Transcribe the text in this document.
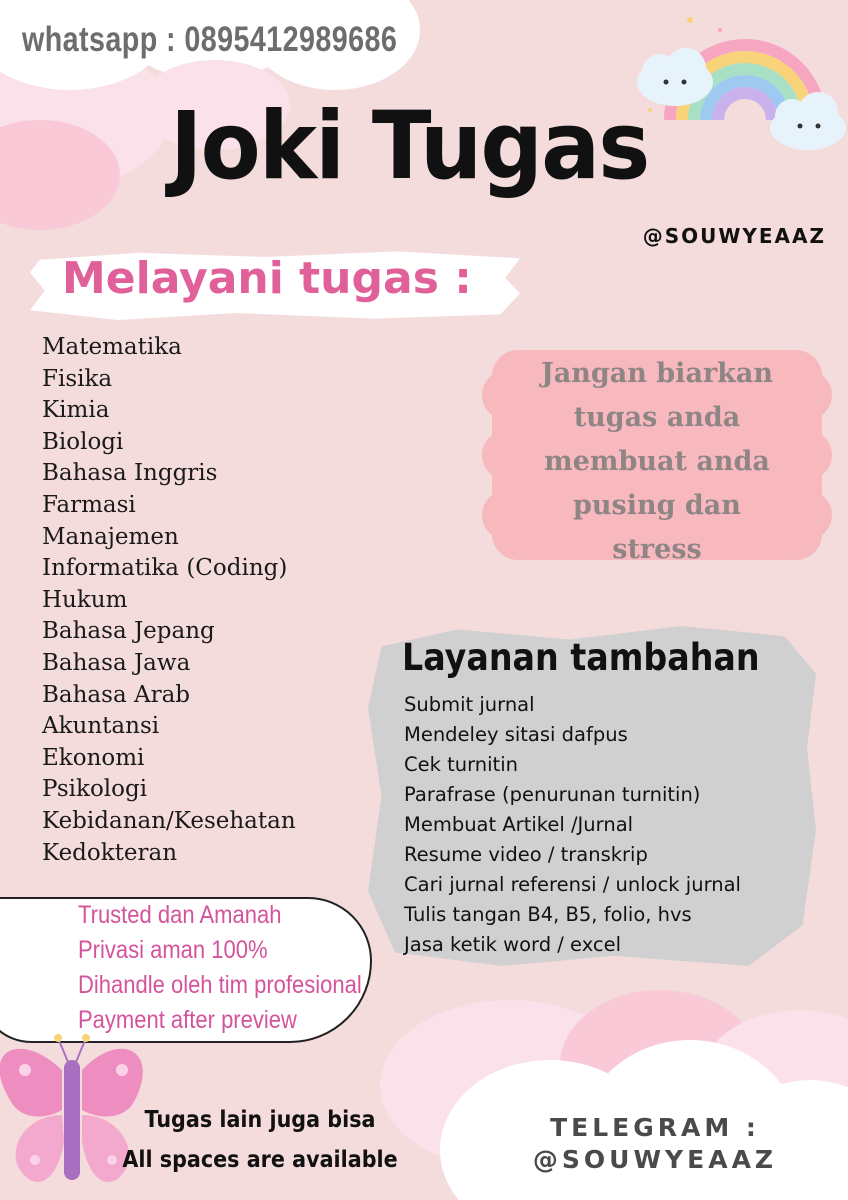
whatsapp : 0895412989686

Joki Tugas

@SOUWYEAAZ

Melayani tugas :
Matematika
Fisika
Kimia
Biologi
Bahasa Inggris
Farmasi
Manajemen
Informatika (Coding)
Hukum
Bahasa Jepang
Bahasa Jawa
Bahasa Arab
Akuntansi
Ekonomi
Psikologi
Kebidanan/Kesehatan
Kedokteran
Jangan biarkan
tugas anda
membuat anda
pusing dan
stress
Layanan tambahan
Submit jurnal
Mendeley sitasi dafpus
Cek turnitin
Parafrase (penurunan turnitin)
Membuat Artikel /Jurnal
Resume video / transkrip
Cari jurnal referensi / unlock jurnal
Tulis tangan B4, B5, folio, hvs
Jasa ketik word / excel
Trusted dan Amanah
Privasi aman 100%
Dihandle oleh tim profesional
Payment after preview
Tugas lain juga bisa
All spaces are available
TELEGRAM :
@SOUWYEAAZ
